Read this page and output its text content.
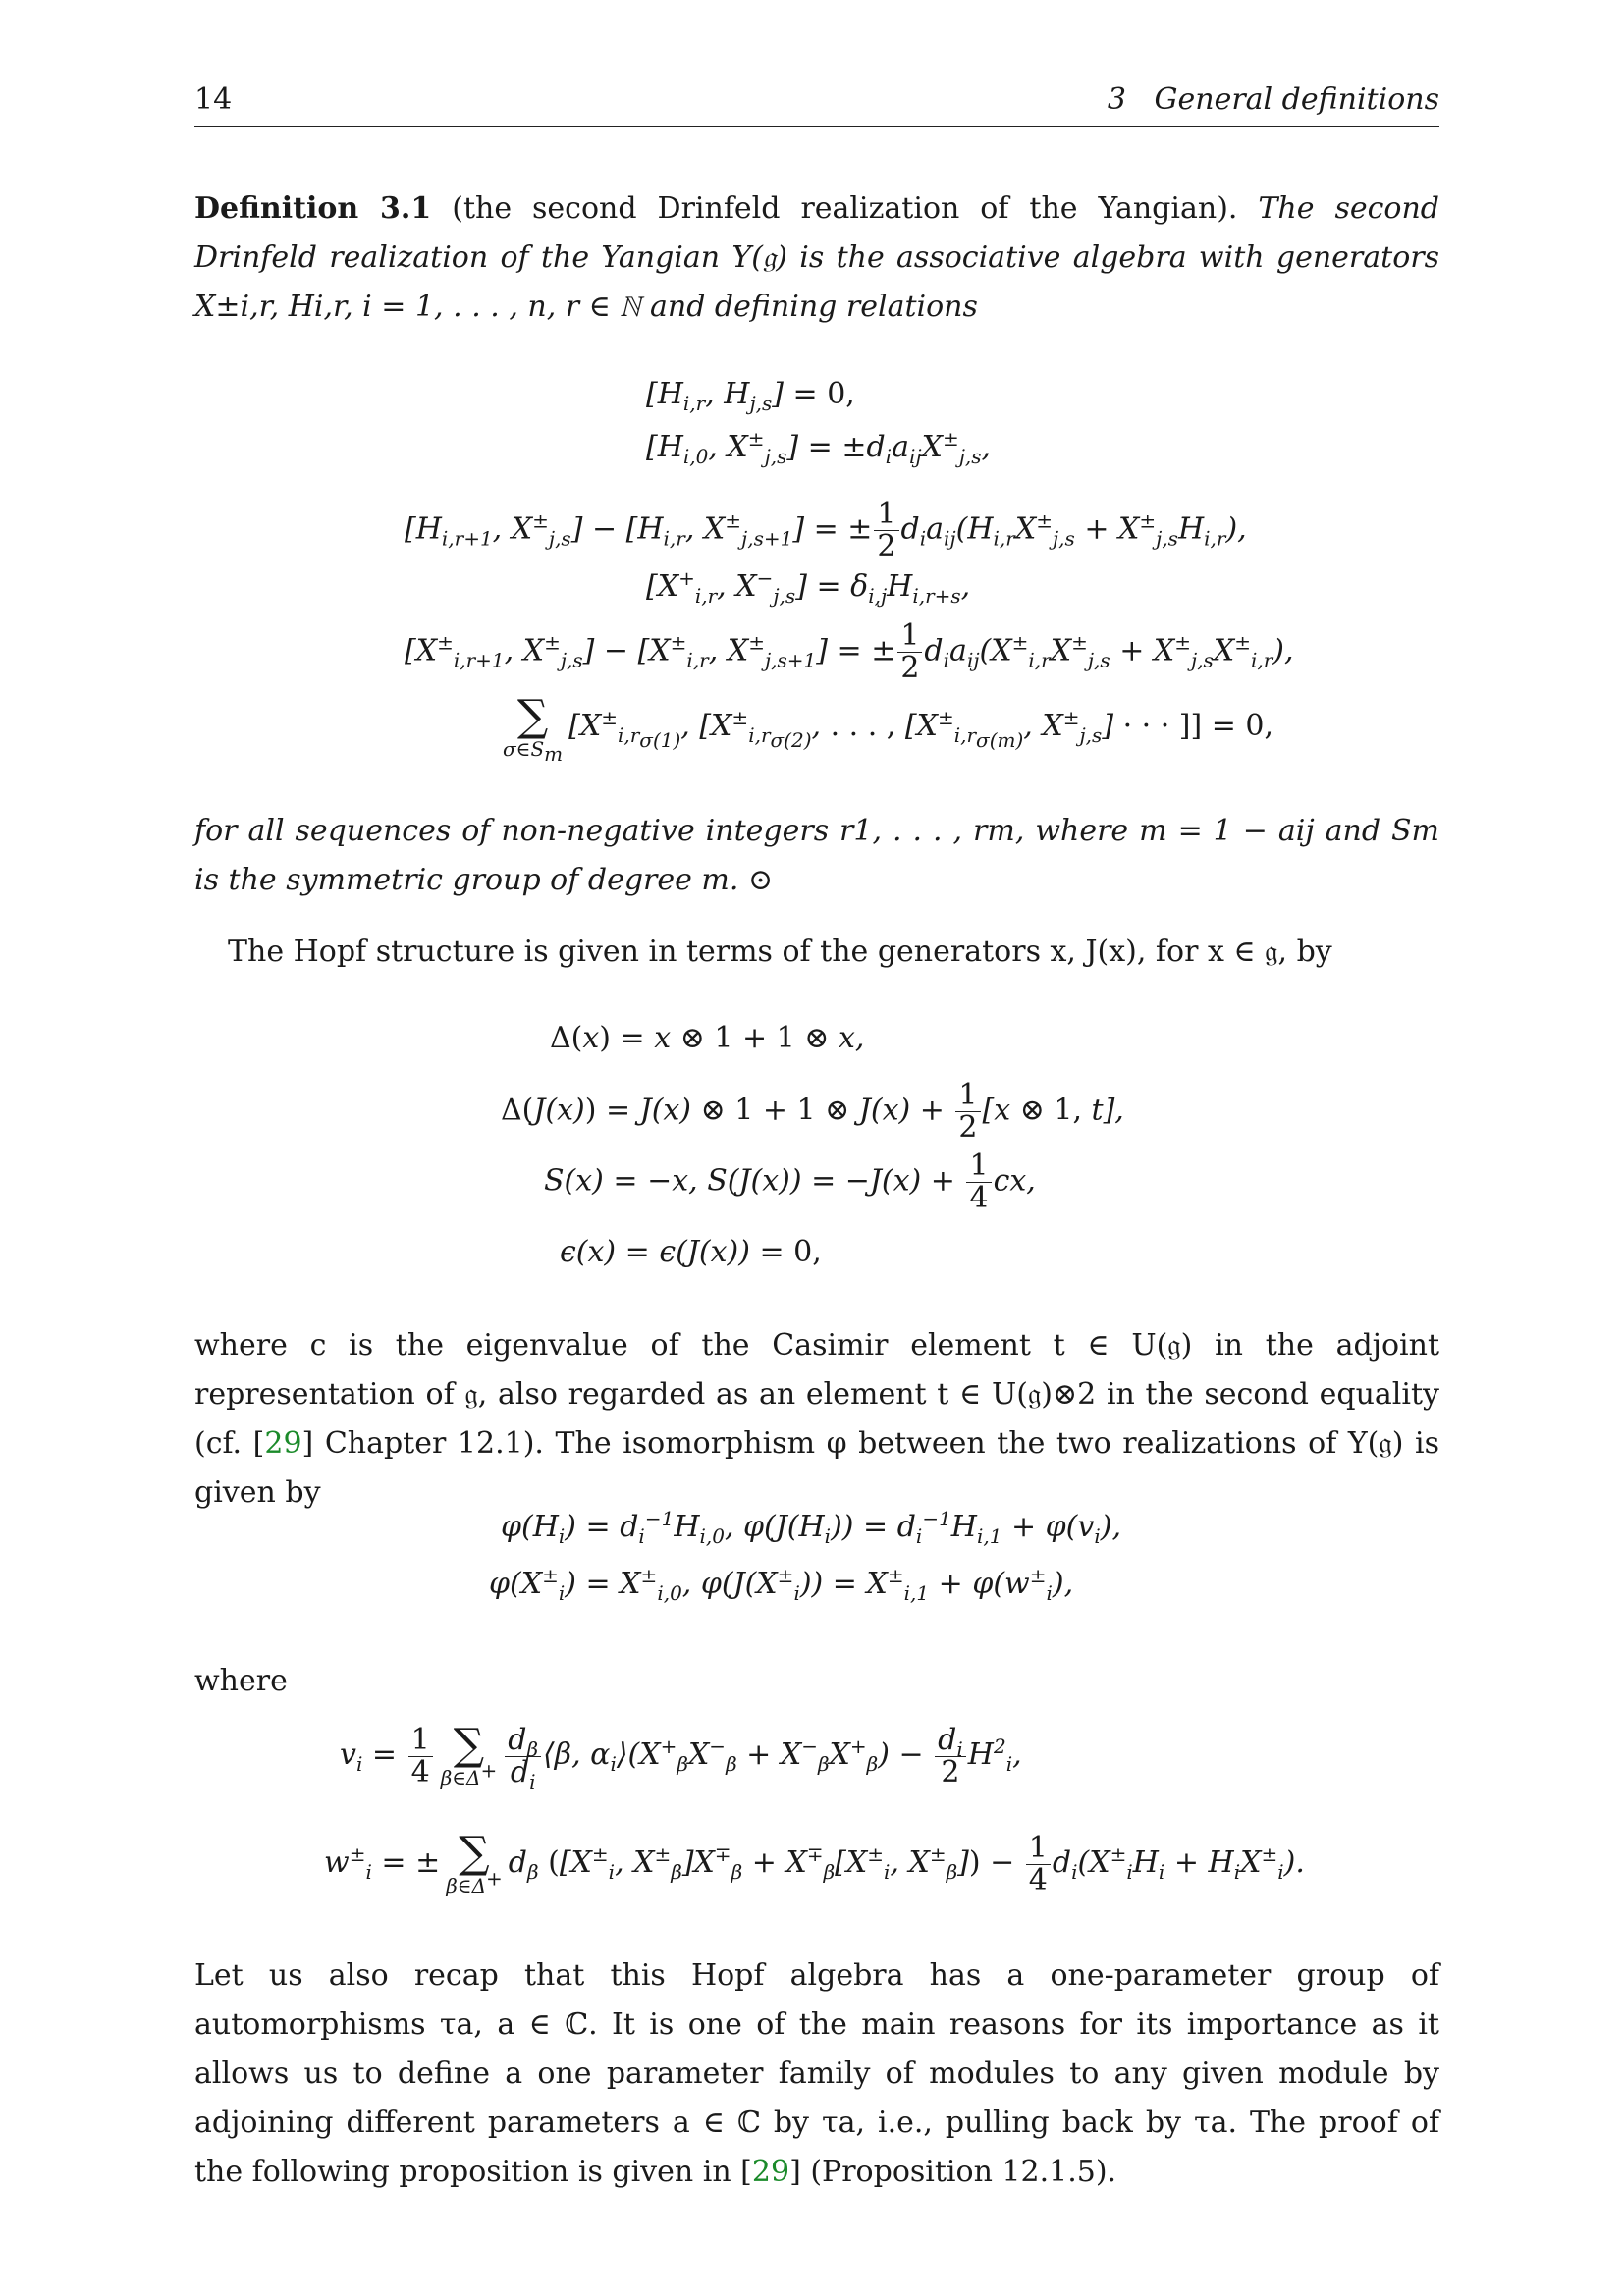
14	3   General definitions
Definition 3.1 (the second Drinfeld realization of the Yangian). The second Drinfeld realization of the Yangian Y(𝔤) is the associative algebra with generators X±i,r, Hi,r, i = 1, . . . , n, r ∈ ℕ and defining relations
[$H_{i,r}$, $H_{j,s}] = 0$,
[$H_{i,0}$, $X^\pm_{j,s}] = \pm d_ia_{ij}X^\pm_{j,s}$,
[$H_{i,r+1}$, $X^\pm_{j,s}] - [H_{i,r}$, $X^\pm_{j,s+1}$] = ± $\frac{1}{2} d_ia_{ij}(H_{i,r}X^\pm_{j,s} + X^\pm_{j,s}H_{i,r})$,
[$X^+_{i,r}$, $X^-_{j,s}] = \delta_{i,j}H_{i,r+s}$,
[$X^\pm_{i,r+1}$, $X^\pm_{j,s}] - [X^\pm_{i,r}$, $X^\pm_{j,s+1}$] = ± $\frac{1}{2} d_ia_{ij}(X^\pm_{i,r}X^\pm_{j,s} + X^\pm_{j,s}X^\pm_{i,r})$,
∑
$\sigma\in S_m$
[$X^\pm_{i,r_{\sigma(1)}}$, [$X^\pm_{i,r_{\sigma(2)}}$, . . . , [$X^\pm_{i,r_{\sigma(m)}}$, $X^\pm_{j,s}$] · · · ]] = 0,
for all sequences of non-negative integers r1, . . . , rm, where m = 1 − aij and Sm is the symmetric group of degree m. ⊙
The Hopf structure is given in terms of the generators x, J(x), for x ∈ 𝔤, by
Δ(x) = x ⊗ 1 + 1 ⊗ x,
Δ(J(x)) = J(x) ⊗ 1 + 1 ⊗ $J(x) + \frac{1}{2} [x$ ⊗ 1, t],
S(x) = −x, $S(J(x)) = -J(x) + \frac{1}{4}$ cx,
ϵ(x) = ϵ(J(x)) = 0,
where c is the eigenvalue of the Casimir element t ∈ U(𝔤) in the adjoint representation of 𝔤, also regarded as an element t ∈ U(𝔤)⊗2 in the second equality (cf. [29] Chapter 12.1). The isomorphism φ between the two realizations of Y(𝔤) is given by
$\varphi(H_i) = d_i^{-1}H_{i,0}$, $\varphi(J(H_i)) = d_i^{-1}H_{i,1} + \varphi(v_i)$,
$\varphi(X^\pm_i) = X^\pm_{i,0}$, $\varphi(J(X^\pm_i)) = X^\pm_{i,1} + \varphi(w^\pm_i)$,
where
$v_i = \frac{1}{4}$ ∑
β∈Δ+ $\frac{d_\beta}{d_i}$ ⟨β, $\alpha_i⟩(X^+_\beta X^-_\beta + X^-_\beta X^+_\beta) - \frac{d_i}{2} H^2_i$,
$w^\pm_i$ = ± ∑
β∈Δ+ $d_\beta$ ([$X^\pm_i$, $X^\pm_\beta]X^\mp_\beta + X^\mp_\beta[X^\pm_i$, $X^\pm_\beta]) - \frac{1}{4} d_i(X^\pm_iH_i + H_iX^\pm_i)$.
Let us also recap that this Hopf algebra has a one-parameter group of automorphisms τa, a ∈ ℂ. It is one of the main reasons for its importance as it allows us to define a one parameter family of modules to any given module by adjoining different parameters a ∈ ℂ by τa, i.e., pulling back by τa. The proof of the following proposition is given in [29] (Proposition 12.1.5).
